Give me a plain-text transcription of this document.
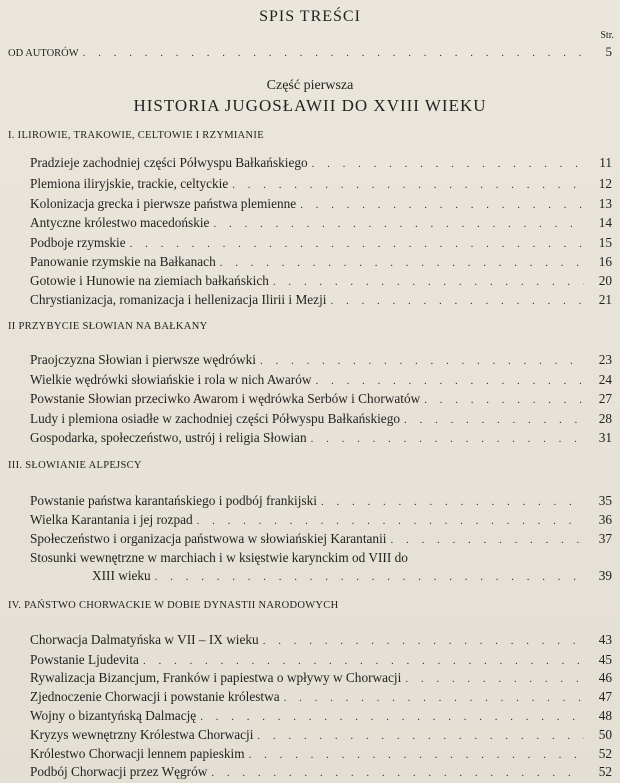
SPIS TREŚCI
Str.
OD AUTORÓW . . .	5
Część pierwsza
HISTORIA JUGOSŁAWII DO XVIII WIEKU
I. ILIROWIE, TRAKOWIE, CELTOWIE I RZYMIANIE
Pradzieje zachodniej części Półwyspu Bałkańskiego . . .	11
Plemiona iliryjskie, trackie, celtyckie . . .	12
Kolonizacja grecka i pierwsze państwa plemienne . . .	13
Antyczne królestwo macedońskie . . .	14
Podboje rzymskie . . .	15
Panowanie rzymskie na Bałkanach . . .	16
Gotowie i Hunowie na ziemiach bałkańskich . . .	20
Chrystianizacja, romanizacja i hellenizacja Ilirii i Mezji . . .	21
II PRZYBYCIE SŁOWIAN NA BAŁKANY
Praojczyzna Słowian i pierwsze wędrówki . . .	23
Wielkie wędrówki słowiańskie i rola w nich Awarów . . .	24
Powstanie Słowian przeciwko Awarom i wędrówka Serbów i Chorwatów . . .	27
Ludy i plemiona osiadłe w zachodniej części Półwyspu Bałkańskiego . . .	28
Gospodarka, społeczeństwo, ustrój i religia Słowian . . .	31
III. SŁOWIANIE ALPEJSCY
Powstanie państwa karantańskiego i podbój frankijski . . .	35
Wielka Karantania i jej rozpad . . .	36
Społeczeństwo i organizacja państwowa w słowiańskiej Karantanii . . .	37
Stosunki wewnętrzne w marchiach i w księstwie karynckim od VIII do
XIII wieku . . .	39
IV. PAŃSTWO CHORWACKIE W DOBIE DYNASTII NARODOWYCH
Chorwacja Dalmatyńska w VII – IX wieku . . .	43
Powstanie Ljudevita . . .	45
Rywalizacja Bizancjum, Franków i papiestwa o wpływy w Chorwacji . . .	46
Zjednoczenie Chorwacji i powstanie królestwa . . .	47
Wojny o bizantyńską Dalmację . . .	48
Kryzys wewnętrzny Królestwa Chorwacji . . .	50
Królestwo Chorwacji lennem papieskim . . .	52
Podbój Chorwacji przez Węgrów . . .	52
